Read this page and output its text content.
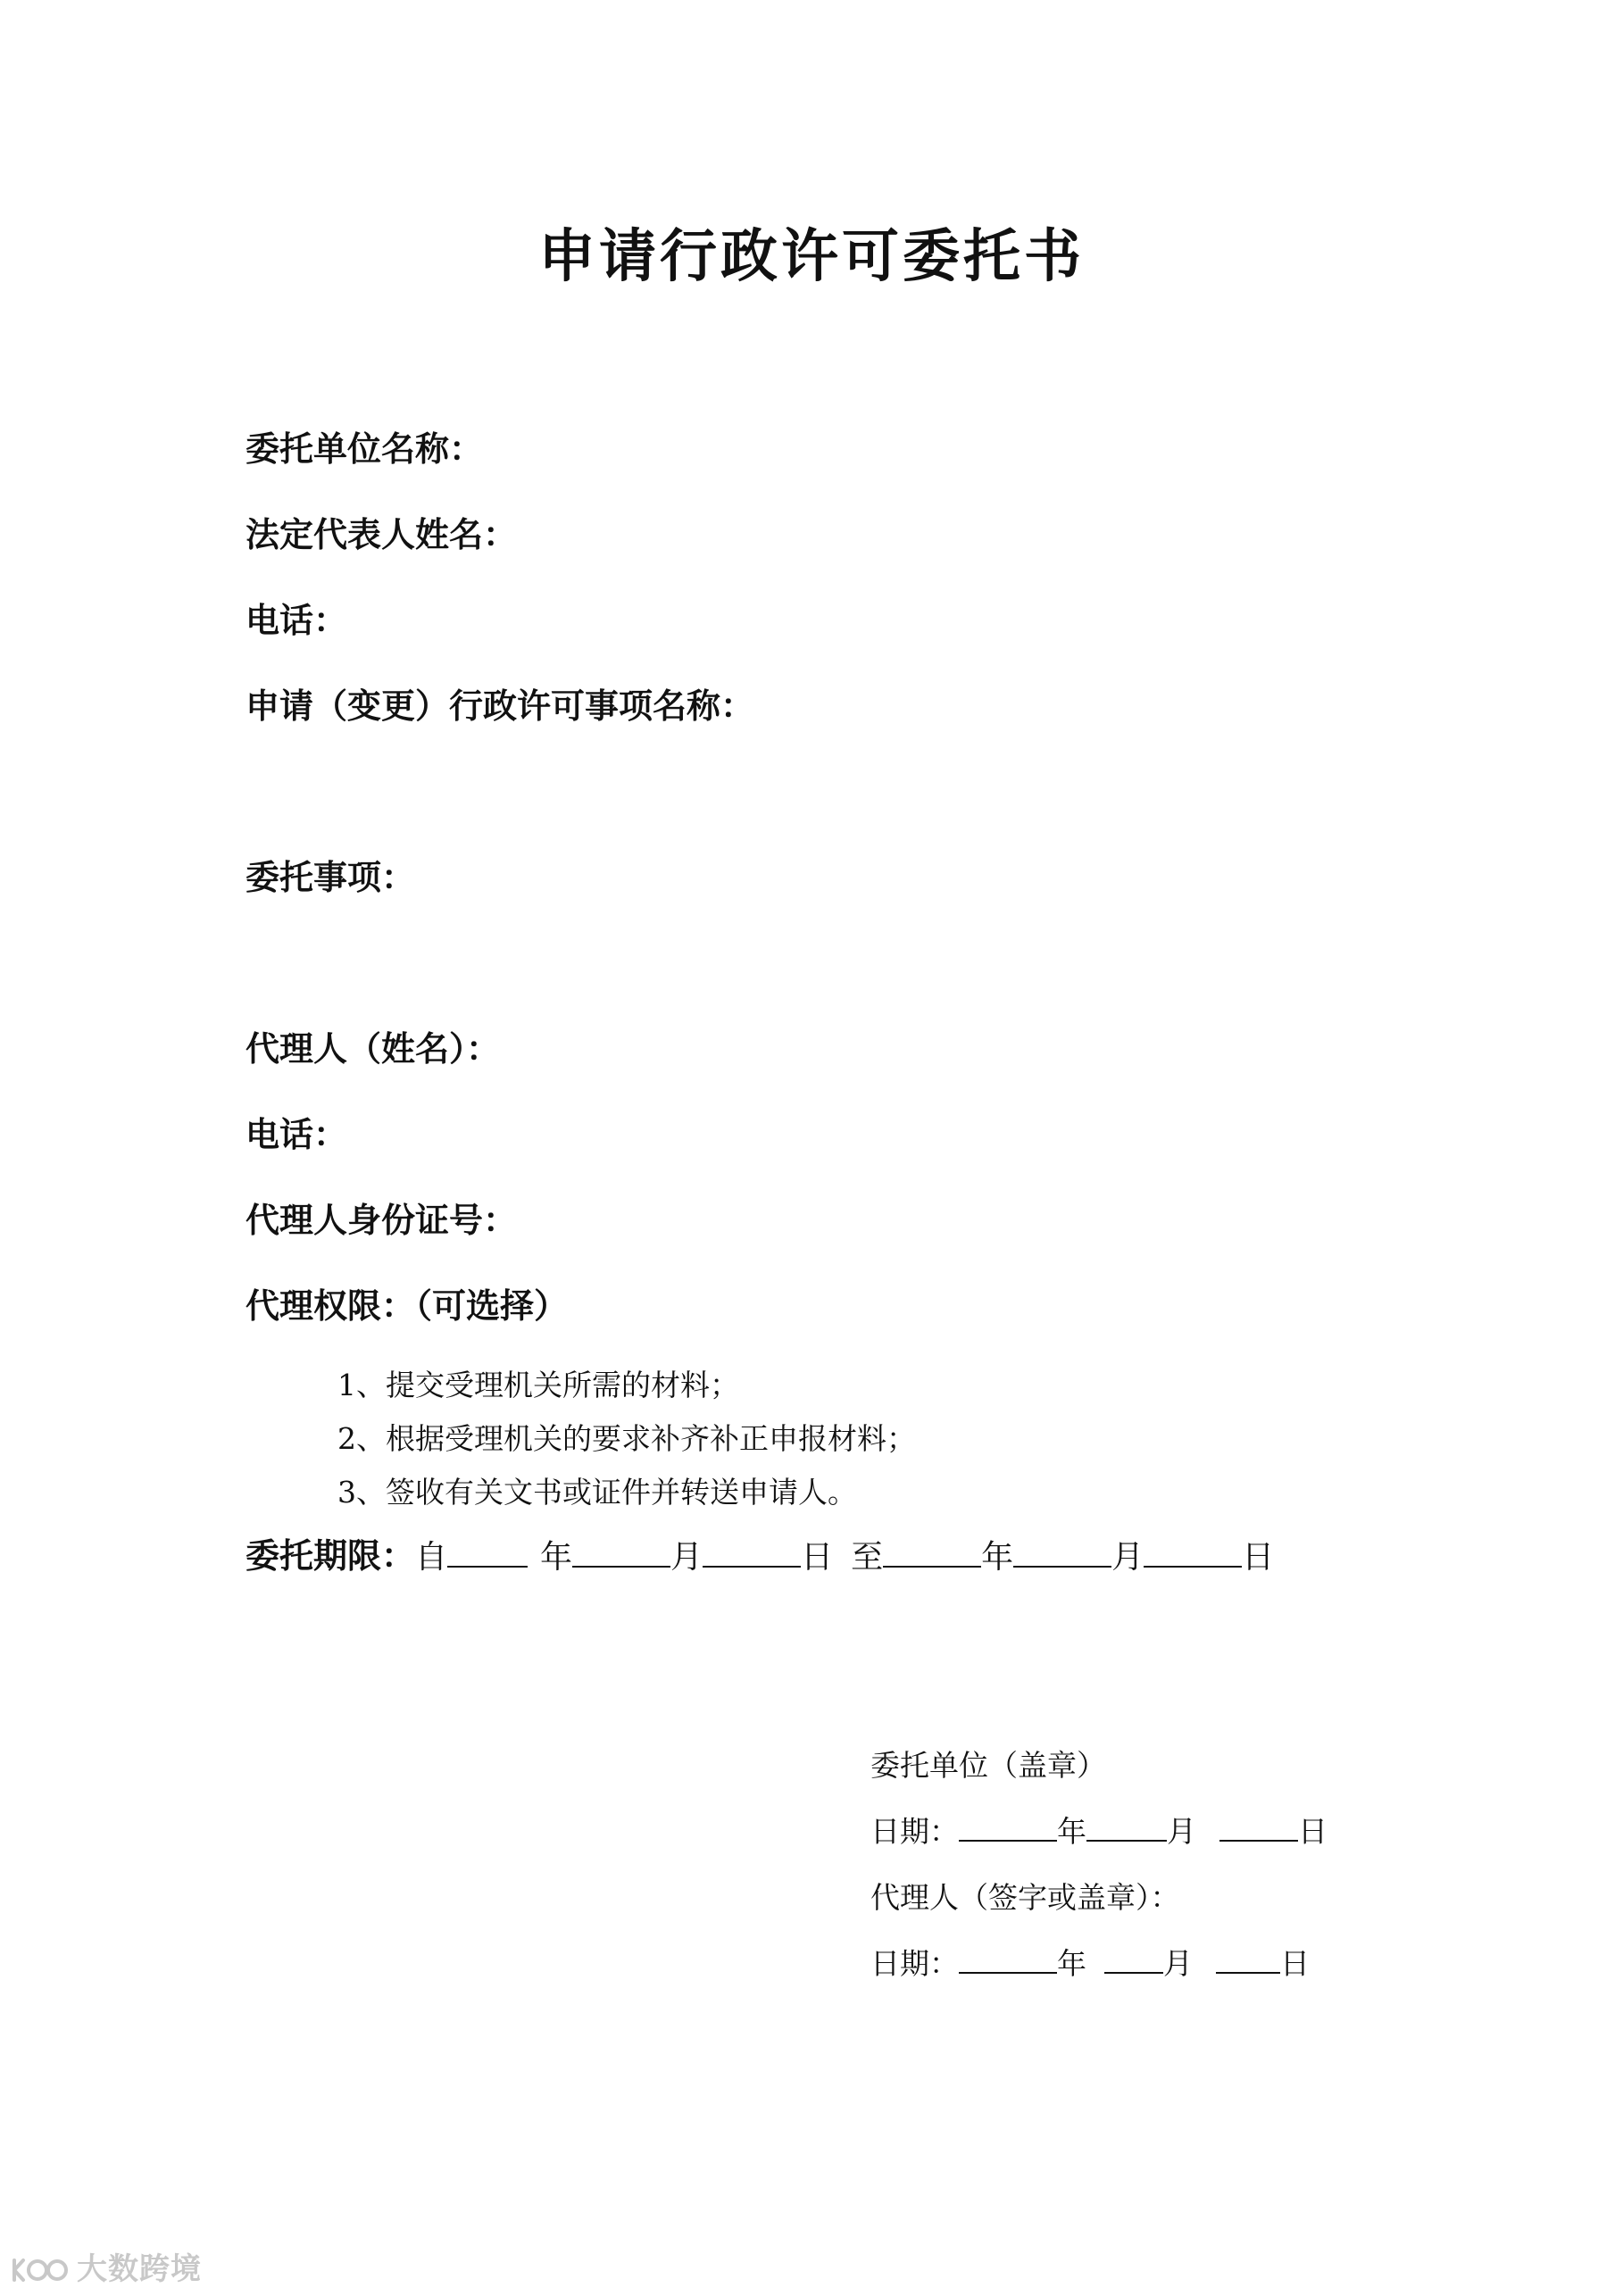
申请行政许可委托书
委托单位名称：
法定代表人姓名：
电话：
申请（变更）行政许可事项名称：
委托事项：
代理人（姓名）：
电话：
代理人身份证号：
代理权限：（可选择）
1、提交受理机关所需的材料；
2、根据受理机关的要求补齐补正申报材料；
3、签收有关文书或证件并转送申请人。
委托期限：自	年	月	日 至	年	月	日
委托单位（盖章）
日期：	年	月	日
代理人（签字或盖章）：
日期：	年	月	日
大数跨境
